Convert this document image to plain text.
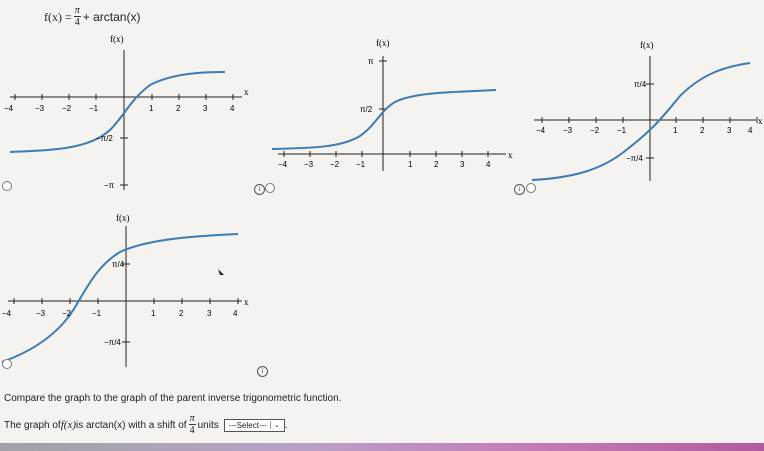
$f(x) = \frac{\pi}{4} + \arctan(x)$
f(x)
x
−4	−3 −2 −1	1	2	3	4
−π/2
−π
f(x)
x
−4 −3 −2 −1	1	2	3	4
π
π/2
i
f(x)
x
−4 −3 −2 −1	1	2	3 4
π/4
−π/4
i
f(x)
x
−4	−3 −2	−1	1	2	3	4
π/4
−π/4
i
Compare the graph to the graph of the parent inverse trigonometric function.
The graph of f(x) is arctan(x) with a shift of $\frac{\pi}{4}$ units ---Select---	⌄ .
